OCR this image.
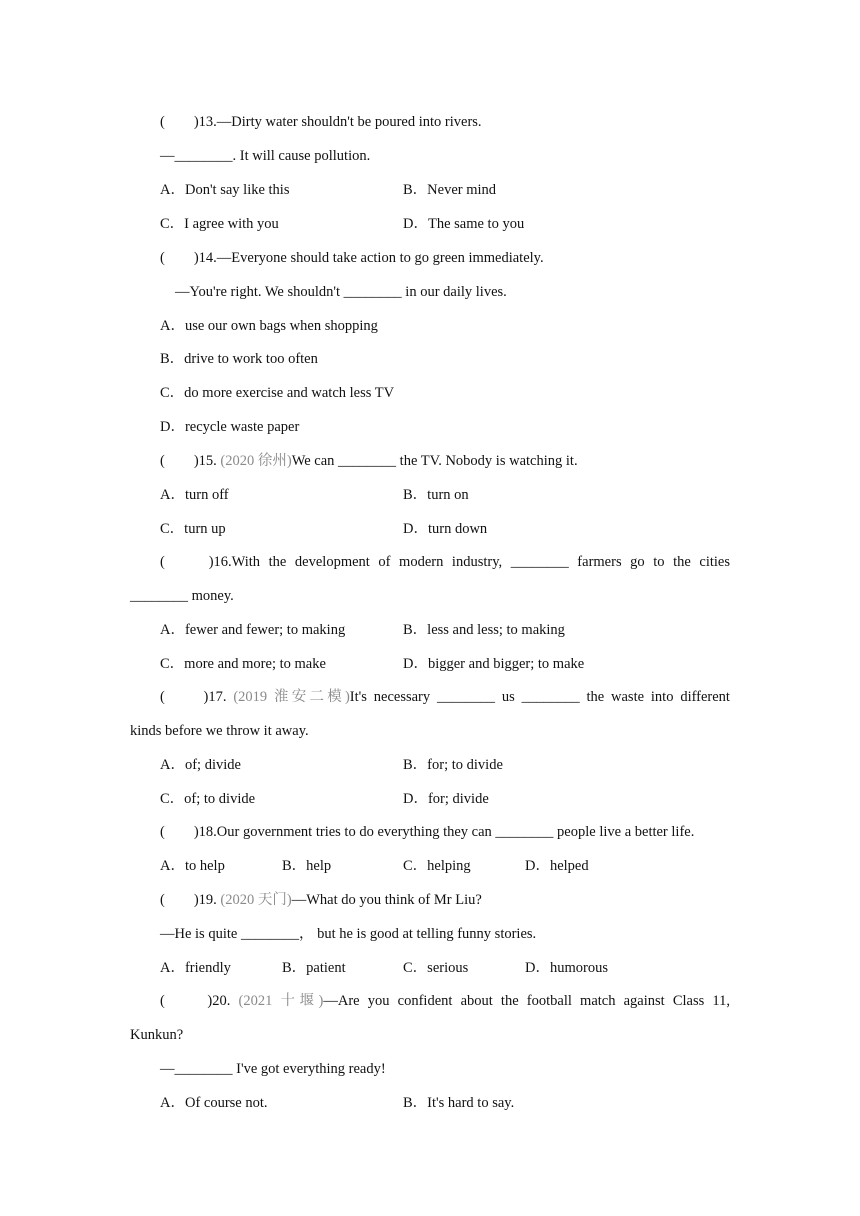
(　　)13.—Dirty water shouldn't be poured into rivers.
—________. It will cause pollution.
A．Don't say like this	B．Never mind
C．I agree with you	D．The same to you
(　　)14.—Everyone should take action to go green immediately.
—You're right. We shouldn't ________ in our daily lives.
A．use our own bags when shopping
B．drive to work too often
C．do more exercise and watch less TV
D．recycle waste paper
(　　)15. (2020 徐州)We can ________ the TV. Nobody is watching it.
A．turn off	B．turn on
C．turn up	D．turn down
(　　)16.With the development of modern industry, ________ farmers go to the cities
________ money.
A．fewer and fewer; to making	B．less and less; to making
C．more and more; to make	D．bigger and bigger; to make
(　　)17. (2019 淮安二模)It's necessary ________ us ________ the waste into different
kinds before we throw it away.
A．of; divide	B．for; to divide
C．of; to divide	D．for; divide
(　　)18.Our government tries to do everything they can ________ people live a better life.
A．to help	B．help	C．helping	D．helped
(　　)19. (2020 天门)—What do you think of Mr Liu?
—He is quite ________， but he is good at telling funny stories.
A．friendly	B．patient	C．serious	D．humorous
(　　)20. (2021 十堰)—Are you confident about the football match against Class 11,
Kunkun?
—________ I've got everything ready!
A．Of course not.	B．It's hard to say.
